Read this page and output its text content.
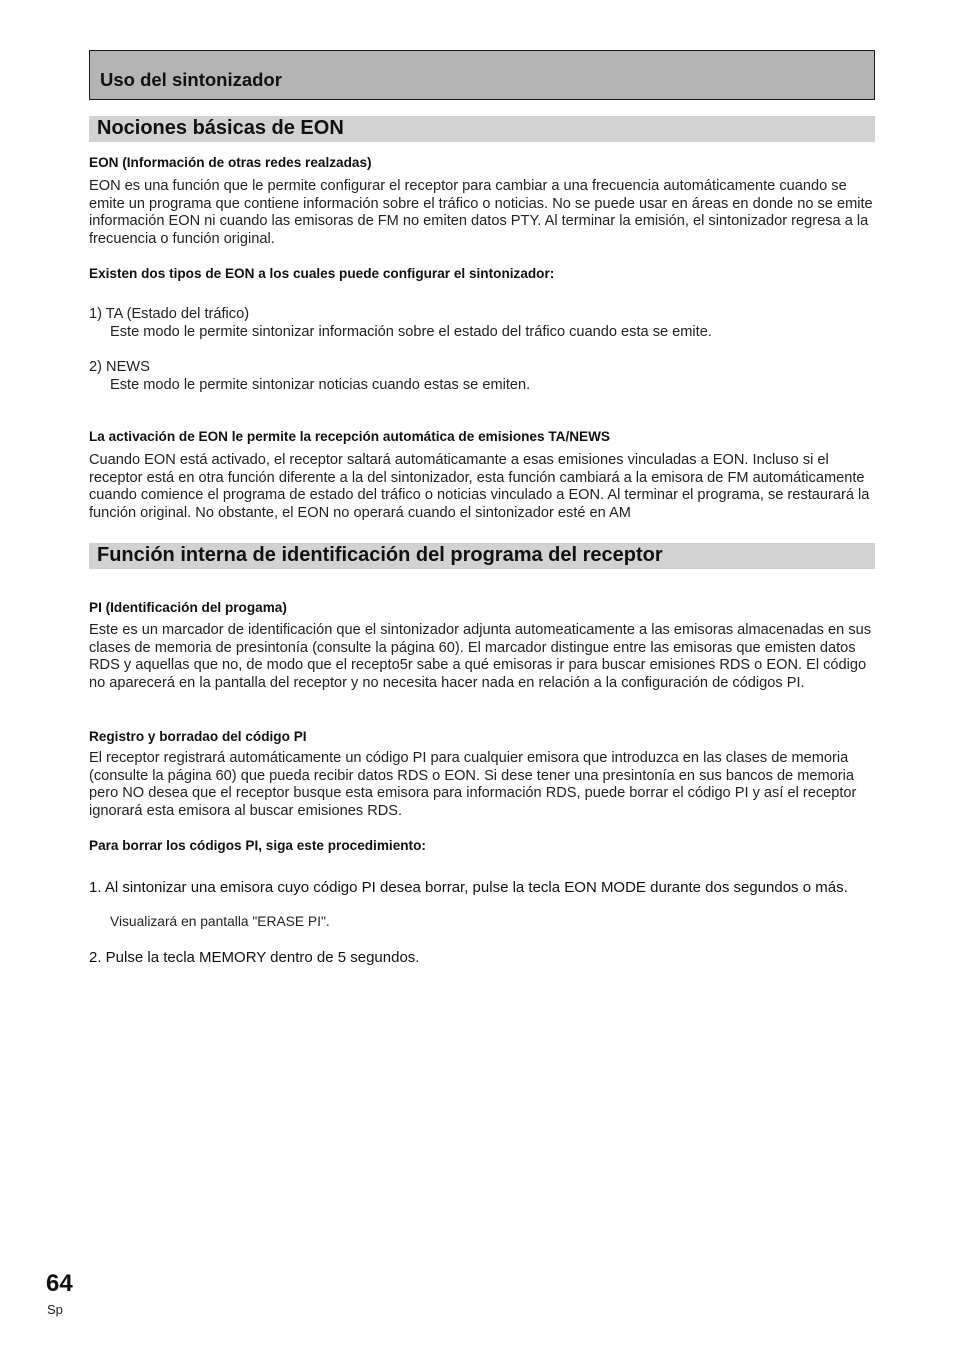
Uso del sintonizador
Nociones básicas de EON
EON (Información de otras redes realzadas)
EON es una función que le permite configurar el receptor para cambiar a una frecuencia automáticamente cuando se emite un programa que contiene información sobre el tráfico o noticias. No se puede usar en áreas en donde no se emite información EON ni cuando las emisoras de FM no emiten datos PTY. Al terminar la emisión, el sintonizador regresa a la frecuencia o función original.
Existen dos tipos de EON a los cuales puede configurar el sintonizador:
1) TA (Estado del tráfico)
Este modo le permite sintonizar información sobre el estado del tráfico cuando esta se emite.
2) NEWS
Este modo le permite sintonizar noticias cuando estas se emiten.
La activación de EON le permite la recepción automática de emisiones TA/NEWS
Cuando EON está activado, el receptor saltará automáticamante a esas emisiones vinculadas a EON. Incluso si el receptor está en otra función diferente a la del sintonizador, esta función cambiará a la emisora de FM automáticamente cuando comience el programa de estado del tráfico o noticias vinculado a EON. Al terminar el programa, se restaurará la función original. No obstante, el EON no operará cuando el sintonizador esté en AM
Función interna de identificación del programa del receptor
PI (Identificación del progama)
Este es un marcador de identificación que el sintonizador adjunta automeaticamente a las emisoras almacenadas en sus clases de memoria de presintonía (consulte la página 60). El marcador distingue entre las emisoras que emisten datos RDS y aquellas que no, de modo que el recepto5r sabe a qué emisoras ir para buscar emisiones RDS o EON. El código no aparecerá en la pantalla del receptor y no necesita hacer nada en relación a la configuración de códigos PI.
Registro y borradao del código PI
El receptor registrará automáticamente un código PI para cualquier emisora que introduzca en las clases de memoria (consulte la página 60) que pueda recibir datos RDS o EON. Si dese tener una presintonía en sus bancos de memoria pero NO desea que el receptor busque esta emisora para información RDS, puede borrar el código PI y así el receptor ignorará esta emisora al buscar emisiones RDS.
Para borrar los códigos PI, siga este procedimiento:
1. Al sintonizar una emisora cuyo código PI desea borrar, pulse la tecla EON MODE durante dos segundos o más.
Visualizará en pantalla "ERASE PI".
2. Pulse la tecla MEMORY dentro de 5 segundos.
64
Sp
